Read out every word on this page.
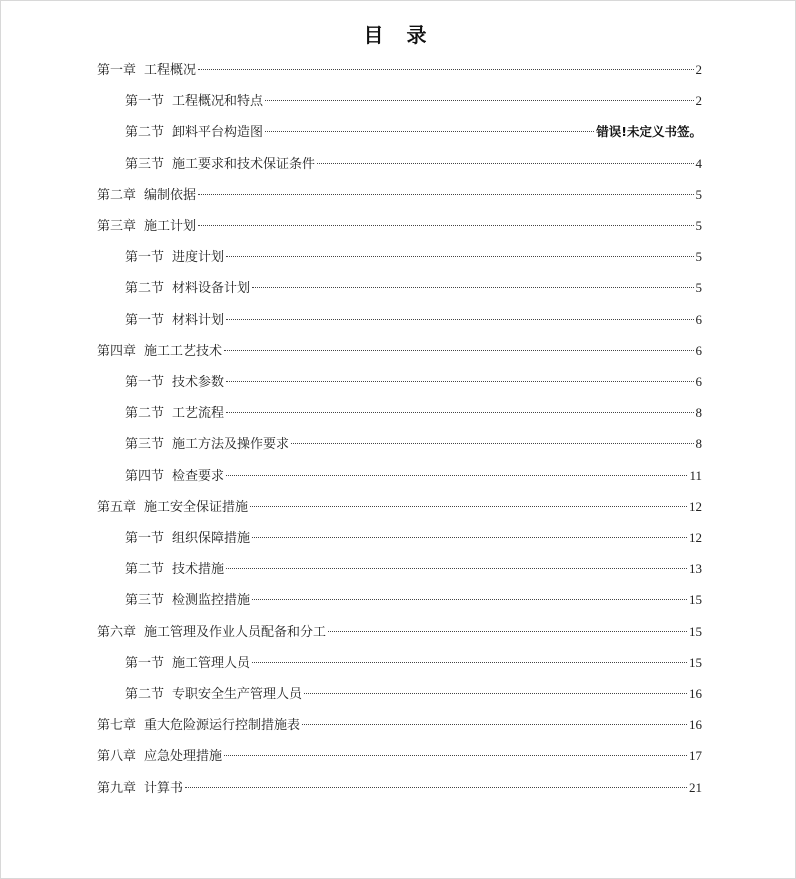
目 录
第一章 工程概况	2
第一节 工程概况和特点	2
第二节 卸料平台构造图	错误!未定义书签。
第三节 施工要求和技术保证条件	4
第二章 编制依据	5
第三章 施工计划	5
第一节 进度计划	5
第二节 材料设备计划	5
第一节 材料计划	6
第四章 施工工艺技术	6
第一节 技术参数	6
第二节 工艺流程	8
第三节 施工方法及操作要求	8
第四节 检查要求	11
第五章 施工安全保证措施	12
第一节 组织保障措施	12
第二节 技术措施	13
第三节 检测监控措施	15
第六章 施工管理及作业人员配备和分工	15
第一节 施工管理人员	15
第二节 专职安全生产管理人员	16
第七章 重大危险源运行控制措施表	16
第八章 应急处理措施	17
第九章 计算书	21
